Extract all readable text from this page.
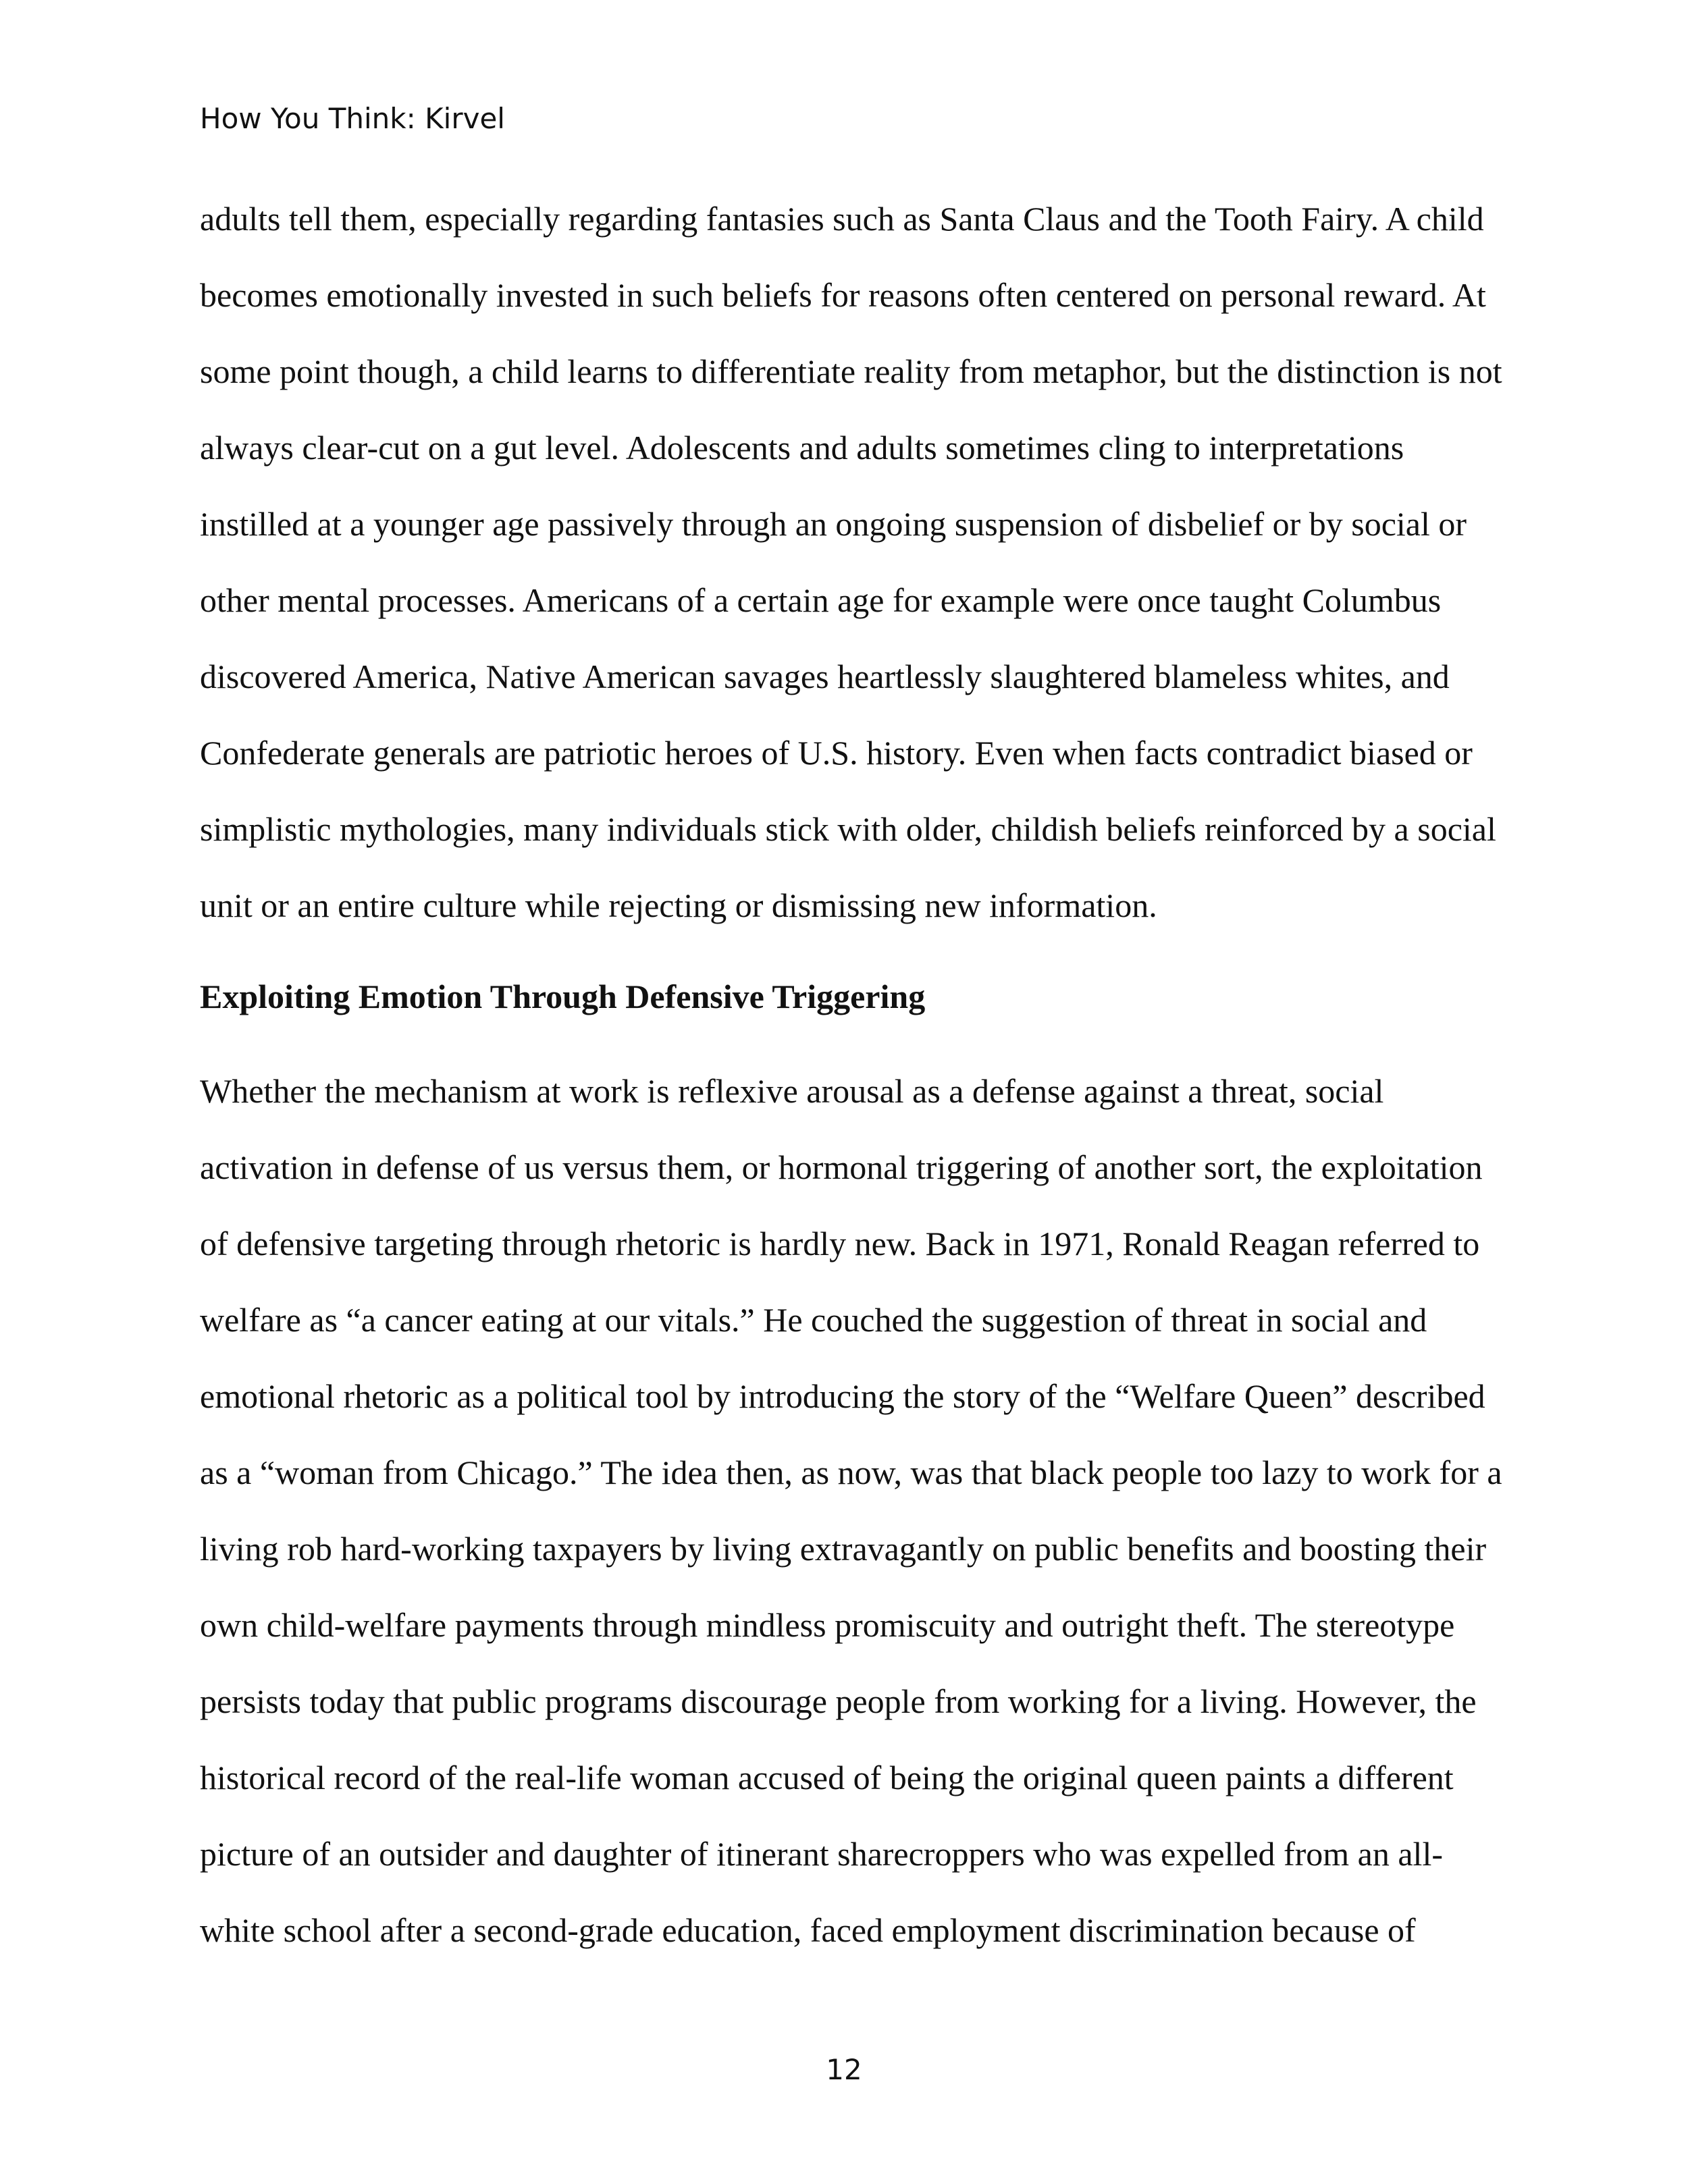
How You Think: Kirvel
adults tell them, especially regarding fantasies such as Santa Claus and the Tooth Fairy. A child
becomes emotionally invested in such beliefs for reasons often centered on personal reward. At
some point though, a child learns to differentiate reality from metaphor, but the distinction is not
always clear-cut on a gut level. Adolescents and adults sometimes cling to interpretations
instilled at a younger age passively through an ongoing suspension of disbelief or by social or
other mental processes. Americans of a certain age for example were once taught Columbus
discovered America, Native American savages heartlessly slaughtered blameless whites, and
Confederate generals are patriotic heroes of U.S. history. Even when facts contradict biased or
simplistic mythologies, many individuals stick with older, childish beliefs reinforced by a social
unit or an entire culture while rejecting or dismissing new information.
Exploiting Emotion Through Defensive Triggering
Whether the mechanism at work is reflexive arousal as a defense against a threat, social
activation in defense of us versus them, or hormonal triggering of another sort, the exploitation
of defensive targeting through rhetoric is hardly new. Back in 1971, Ronald Reagan referred to
welfare as “a cancer eating at our vitals.” He couched the suggestion of threat in social and
emotional rhetoric as a political tool by introducing the story of the “Welfare Queen” described
as a “woman from Chicago.” The idea then, as now, was that black people too lazy to work for a
living rob hard-working taxpayers by living extravagantly on public benefits and boosting their
own child-welfare payments through mindless promiscuity and outright theft. The stereotype
persists today that public programs discourage people from working for a living. However, the
historical record of the real-life woman accused of being the original queen paints a different
picture of an outsider and daughter of itinerant sharecroppers who was expelled from an all-
white school after a second-grade education, faced employment discrimination because of
12
